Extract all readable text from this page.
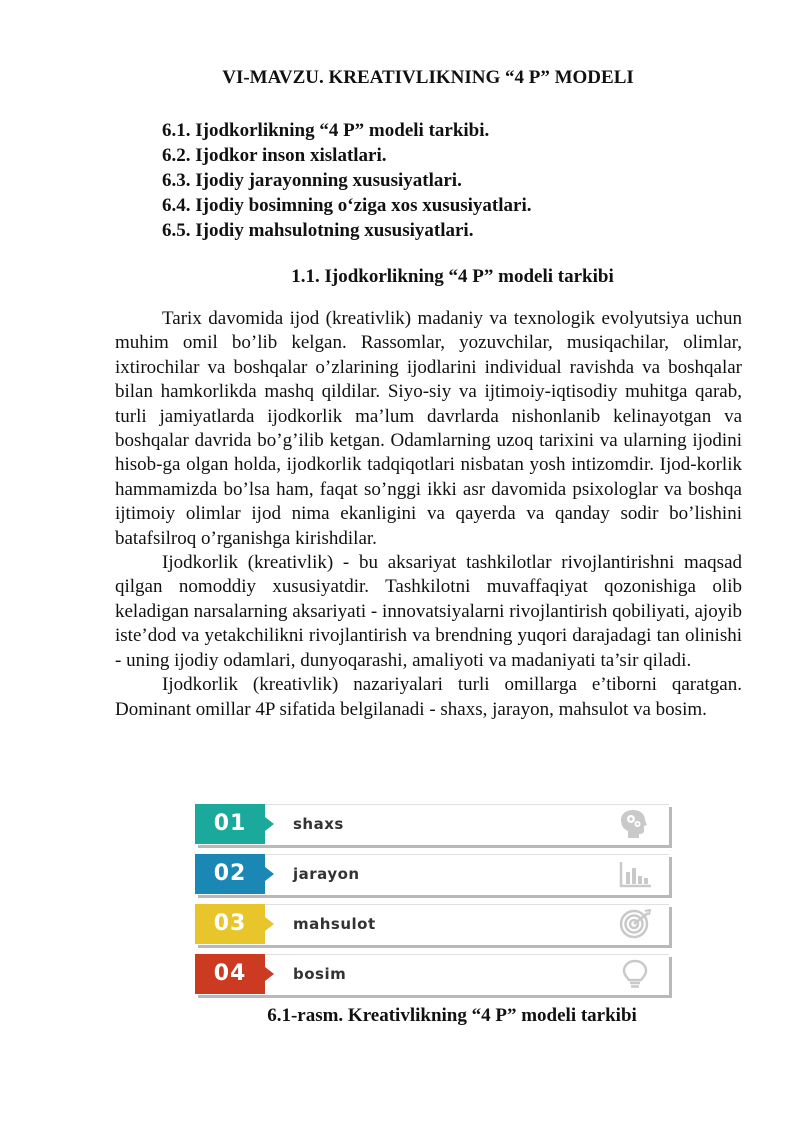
VI-MAVZU. KREATIVLIKNING “4 P” MODELI
6.1. Ijodkorlikning “4 P” modeli tarkibi.
6.2. Ijodkor inson xislatlari.
6.3. Ijodiy jarayonning xususiyatlari.
6.4. Ijodiy bosimning o‘ziga xos xususiyatlari.
6.5. Ijodiy mahsulotning xususiyatlari.
1.1. Ijodkorlikning “4 P” modeli tarkibi

Tarix davomida ijod (kreativlik) madaniy va texnologik evolyutsiya uchun muhim omil bo’lib kelgan. Rassomlar, yozuvchilar, musiqachilar, olimlar, ixtirochilar va boshqalar o’zlarining ijodlarini individual ravishda va boshqalar bilan hamkorlikda mashq qildilar. Siyo-siy va ijtimoiy-iqtisodiy muhitga qarab, turli jamiyatlarda ijodkorlik ma’lum davrlarda nishonlanib kelinayotgan va boshqalar davrida bo’g’ilib ketgan. Odamlarning uzoq tarixini va ularning ijodini hisob-ga olgan holda, ijodkorlik tadqiqotlari nisbatan yosh intizomdir. Ijod-korlik hammamizda bo’lsa ham, faqat so’nggi ikki asr davomida psixologlar va boshqa ijtimoiy olimlar ijod nima ekanligini va qayerda va qanday sodir bo’lishini batafsilroq o’rganishga kirishdilar.

Ijodkorlik (kreativlik) - bu aksariyat tashkilotlar rivojlantirishni maqsad qilgan nomoddiy xususiyatdir. Tashkilotni muvaffaqiyat qozonishiga olib keladigan narsalarning aksariyati - innovatsiyalarni rivojlantirish qobiliyati, ajoyib iste’dod va yetakchilikni rivojlantirish va brendning yuqori darajadagi tan olinishi - uning ijodiy odamlari, dunyoqarashi, amaliyoti va madaniyati ta’sir qiladi.

Ijodkorlik (kreativlik) nazariyalari turli omillarga e’tiborni qaratgan. Dominant omillar 4P sifatida belgilanadi - shaxs, jarayon, mahsulot va bosim.

01	shaxs
02	jarayon
03	mahsulot
04	bosim
6.1-rasm. Kreativlikning “4 P” modeli tarkibi
